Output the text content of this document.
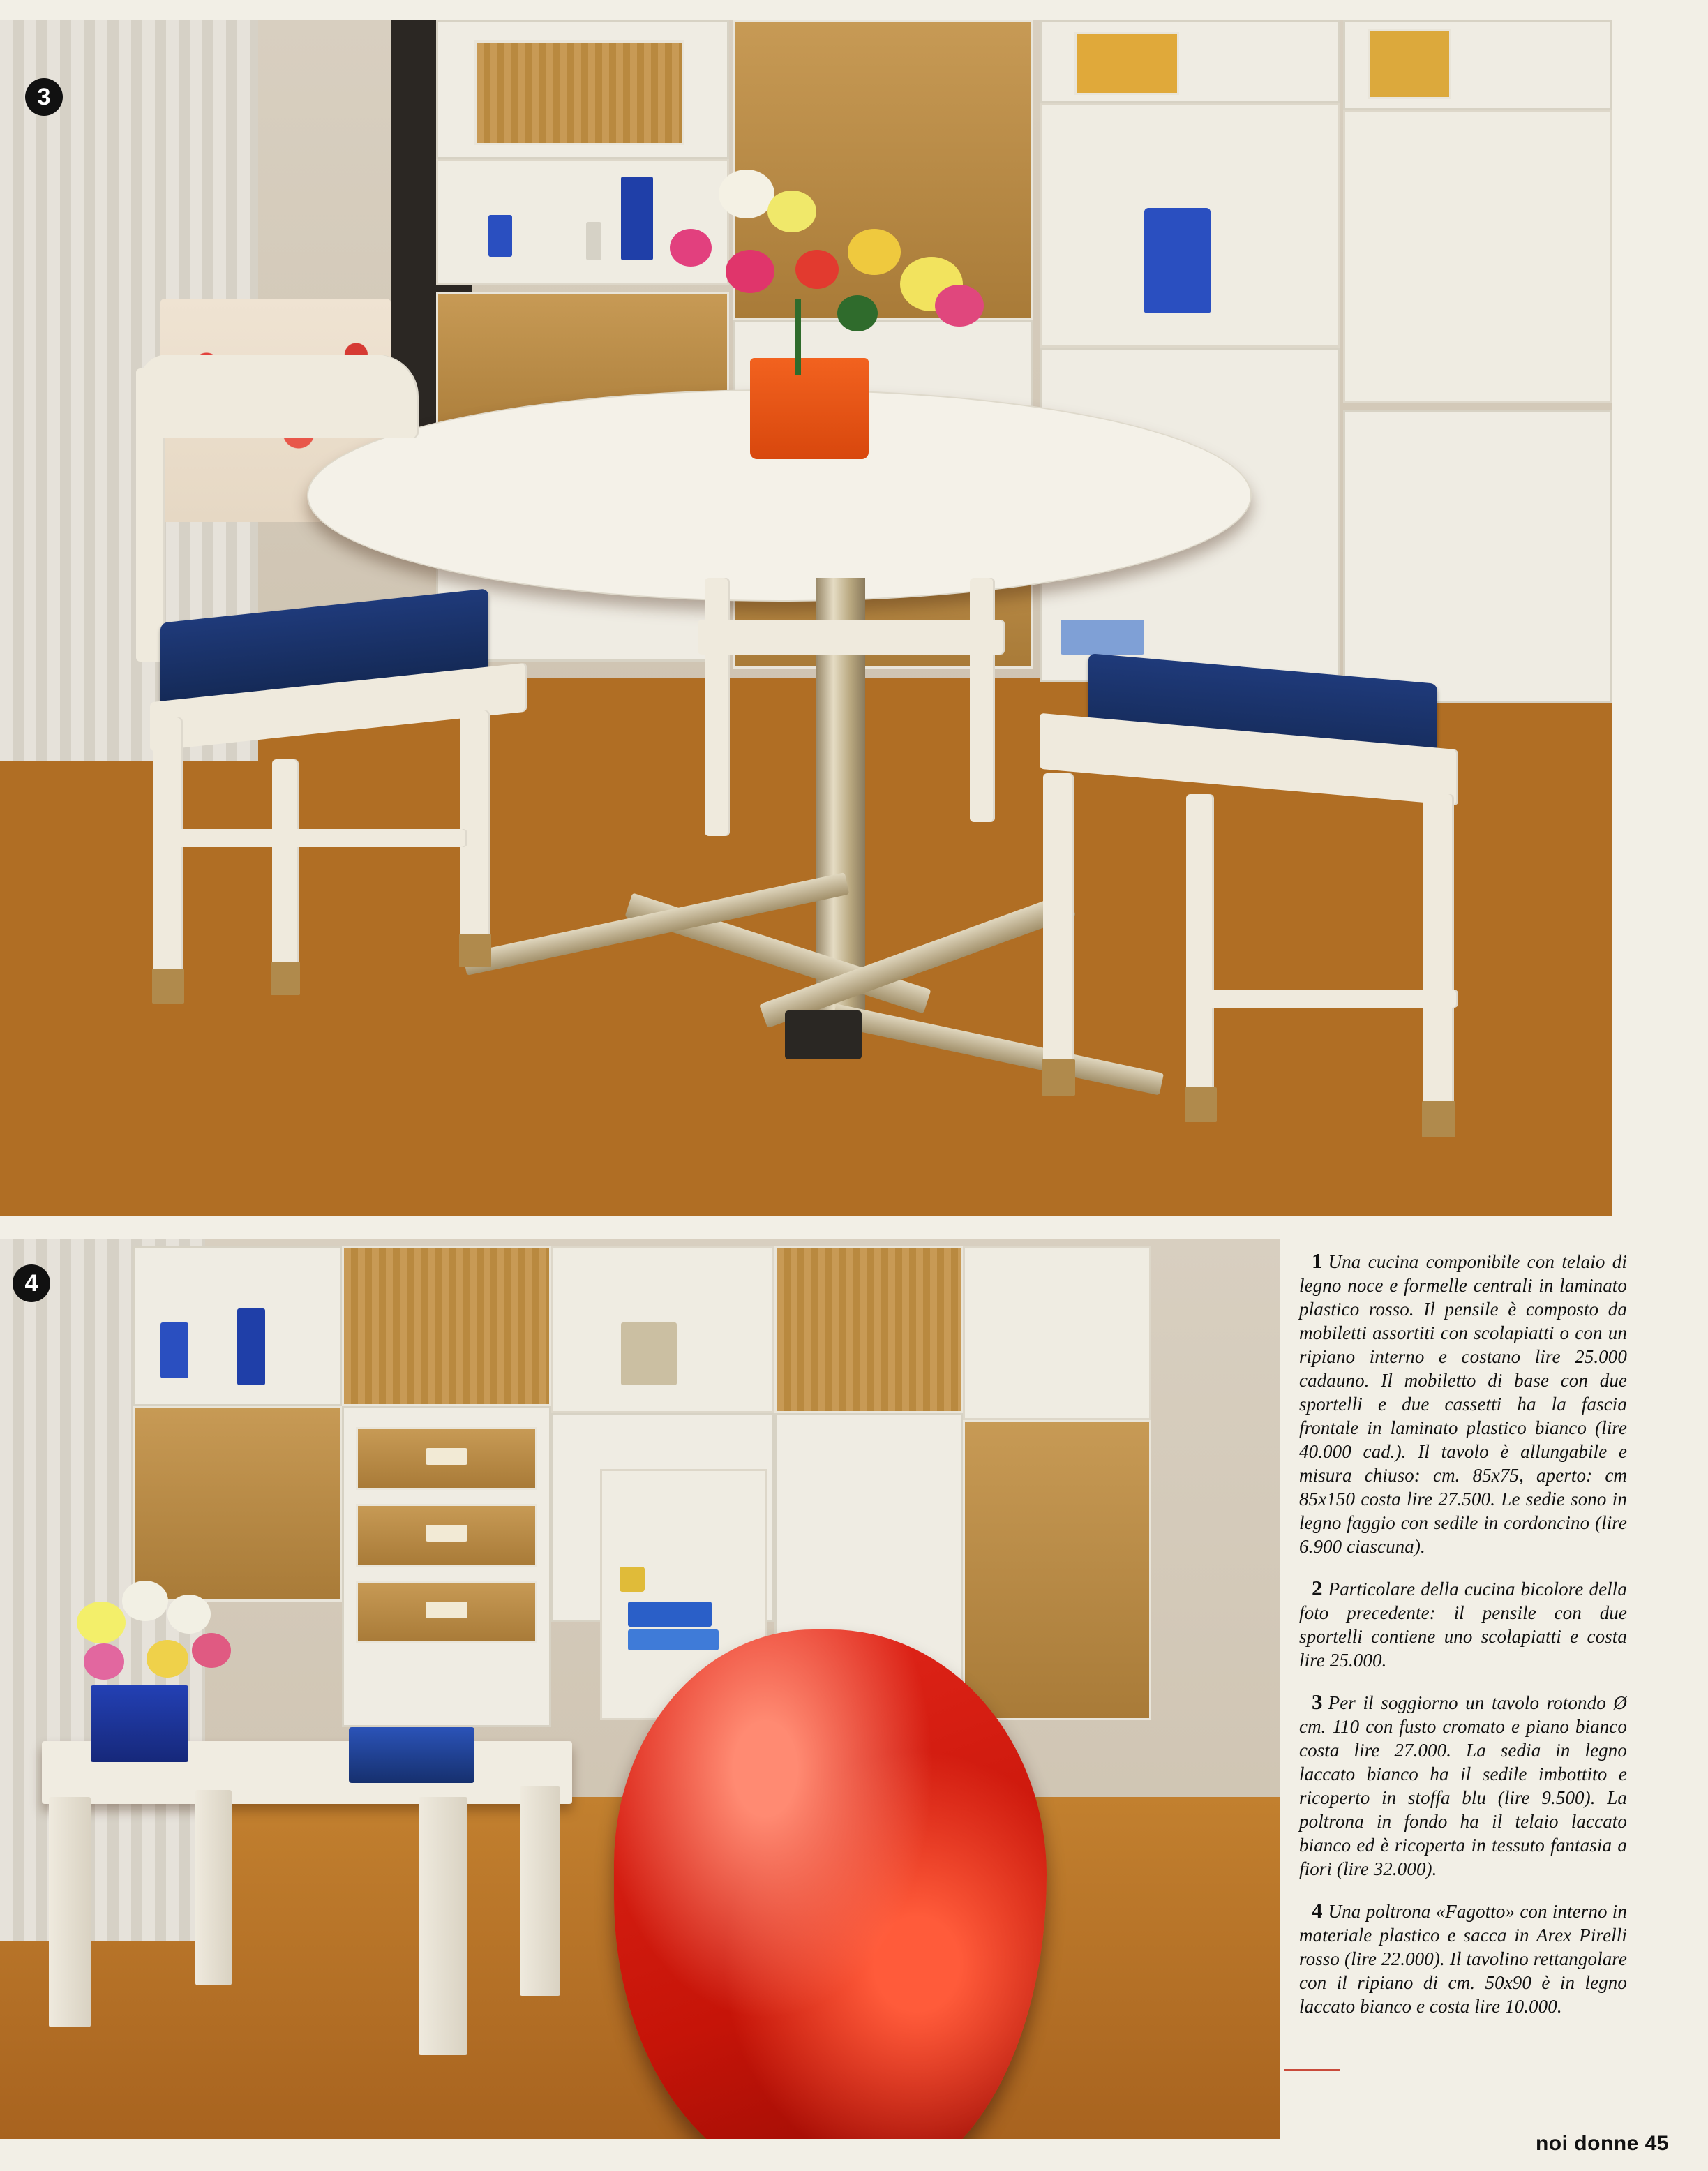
3
4

1 Una cucina componibile con telaio di legno noce e formelle centrali in laminato plastico rosso. Il pensile è composto da mobiletti assortiti con scolapiatti o con un ripiano interno e costano lire 25.000 cadauno. Il mobiletto di base con due sportelli e due cassetti ha la fascia frontale in laminato plastico bianco (lire 40.000 cad.). Il tavolo è allungabile e misura chiuso: cm. 85x75, aperto: cm 85x150 costa lire 27.500. Le sedie sono in legno faggio con sedile in cordoncino (lire 6.900 ciascuna).

2 Particolare della cucina bicolore della foto precedente: il pensile con due sportelli contiene uno scolapiatti e costa lire 25.000.

3 Per il soggiorno un tavolo rotondo Ø cm. 110 con fusto cromato e piano bianco costa lire 27.000. La sedia in legno laccato bianco ha il sedile imbottito e ricoperto in stoffa blu (lire 9.500). La poltrona in fondo ha il telaio laccato bianco ed è ricoperta in tessuto fantasia a fiori (lire 32.000).

4 Una poltrona «Fagotto» con interno in materiale plastico e sacca in Arex Pirelli rosso (lire 22.000). Il tavolino rettangolare con il ripiano di cm. 50x90 è in legno laccato bianco e costa lire 10.000.

noi donne 45
